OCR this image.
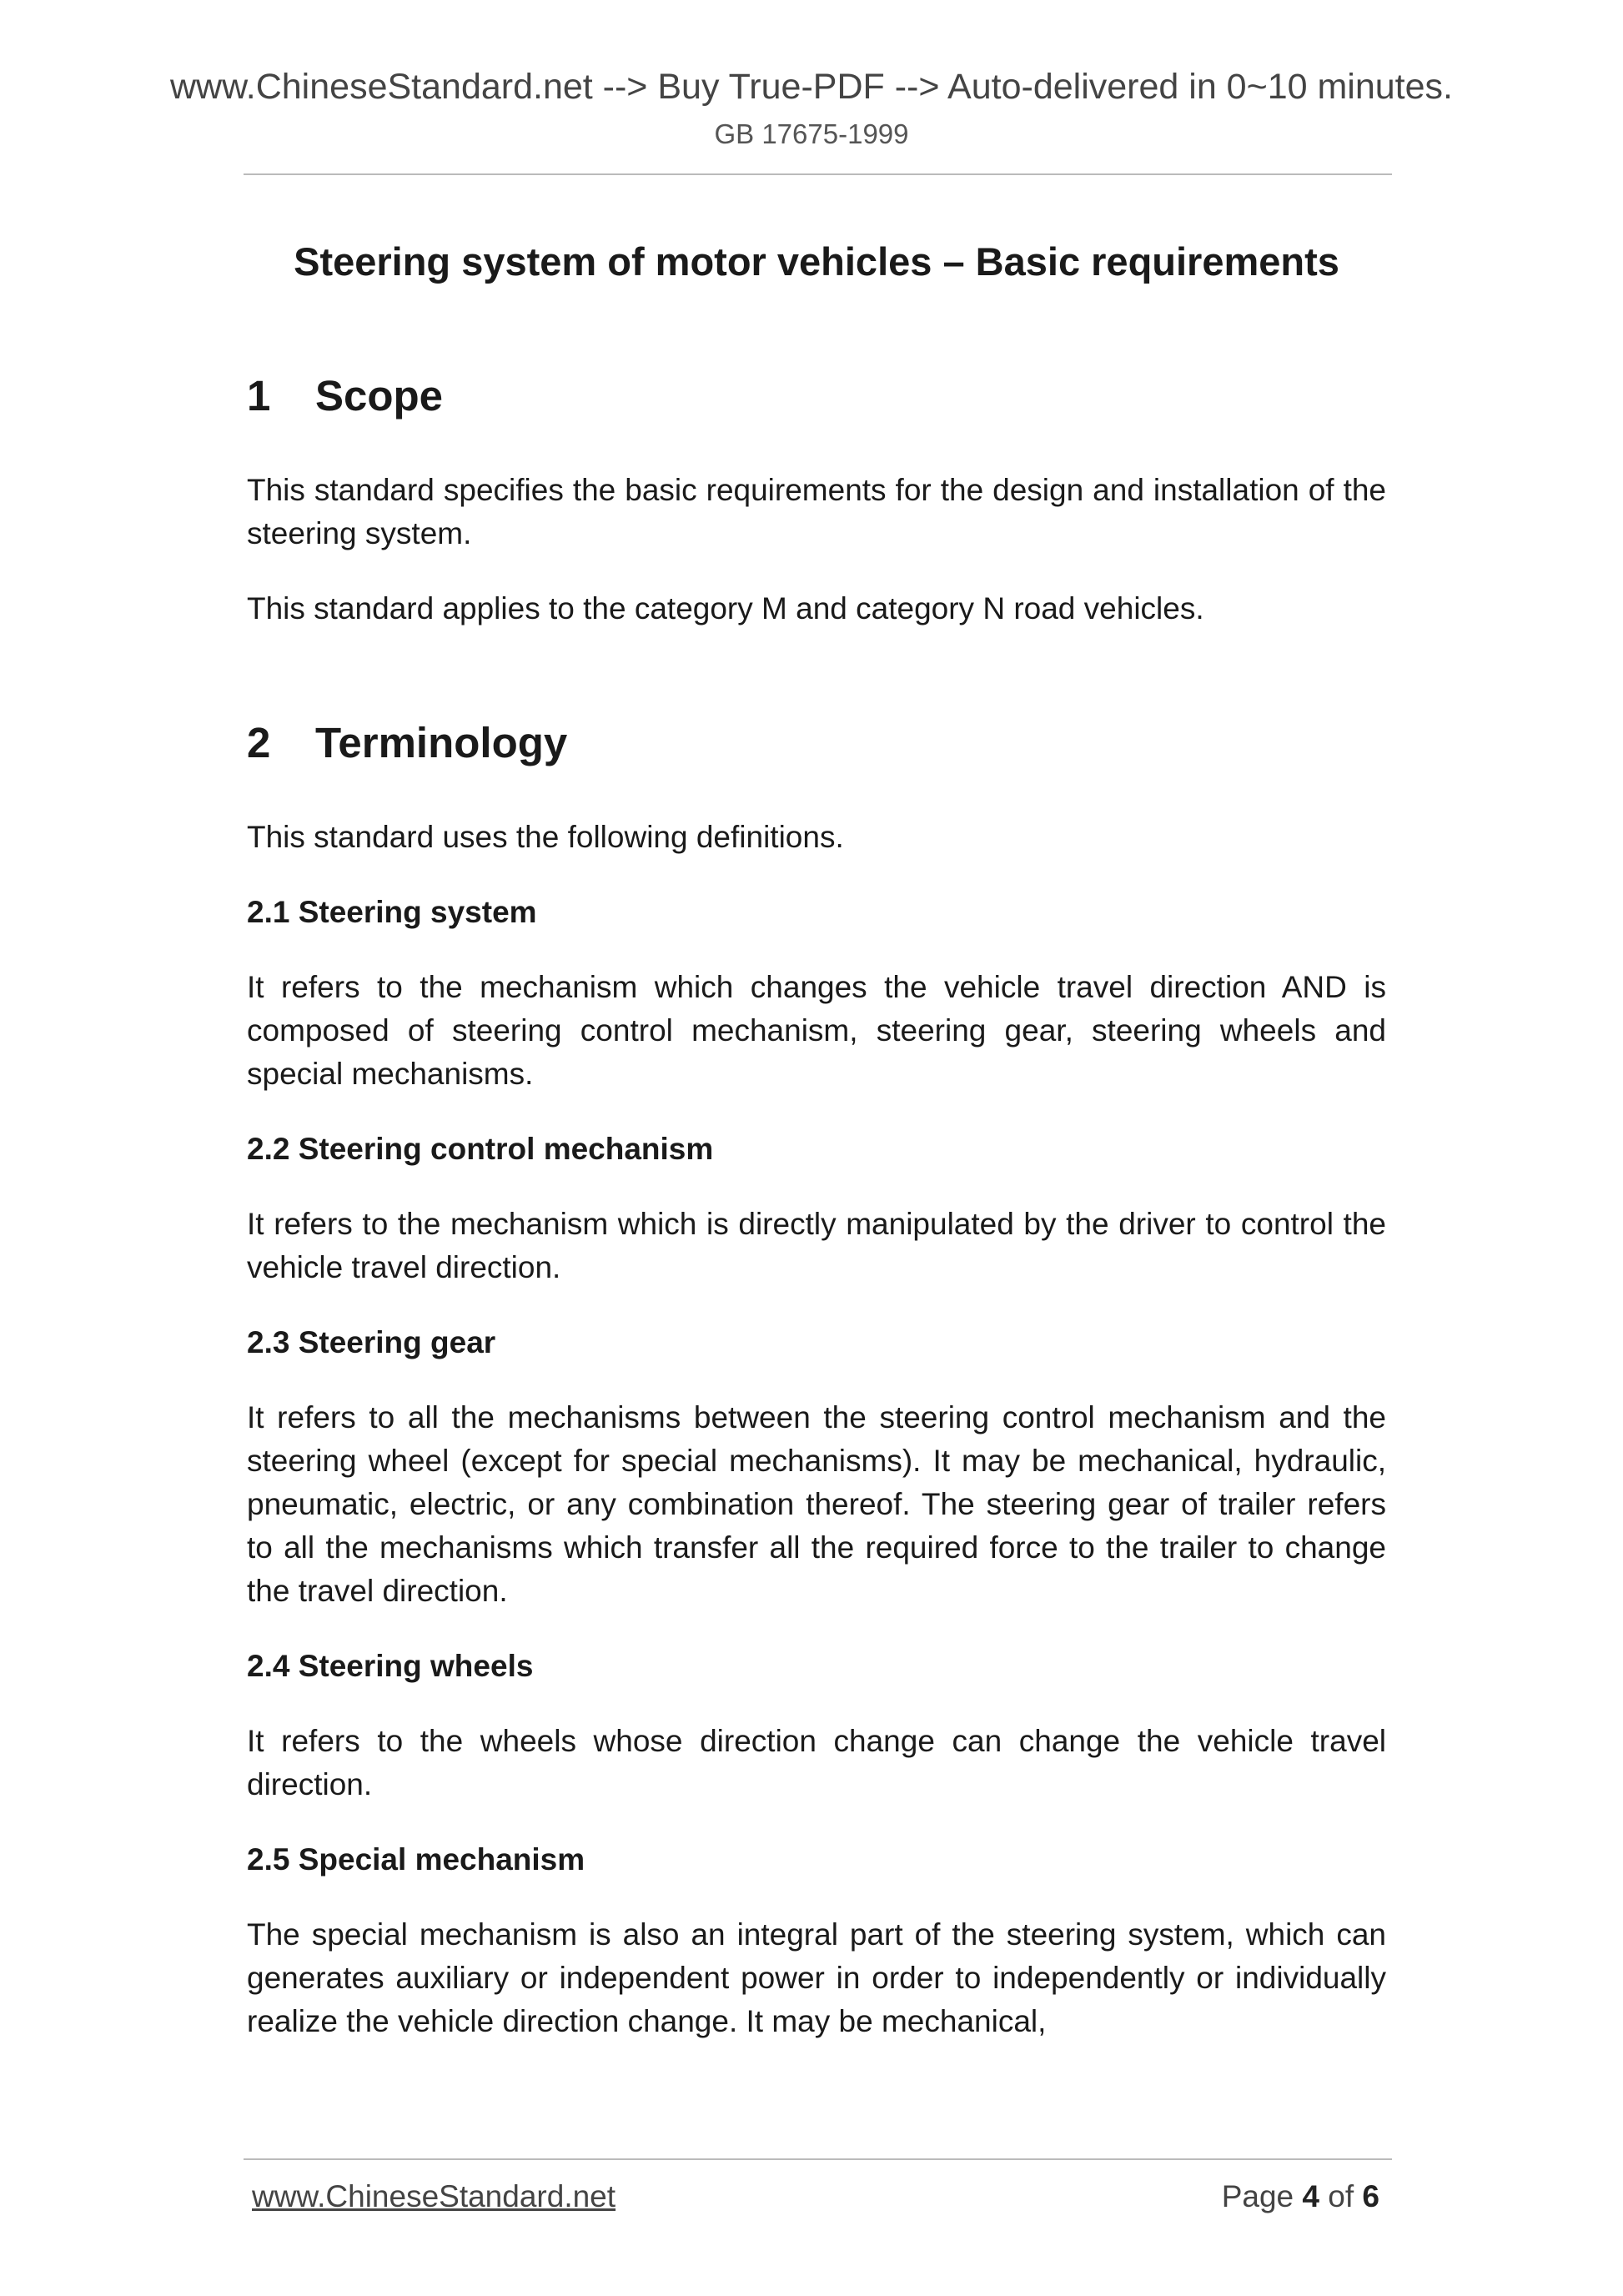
www.ChineseStandard.net --> Buy True-PDF --> Auto-delivered in 0~10 minutes.
GB 17675-1999
Steering system of motor vehicles – Basic requirements
1 Scope

This standard specifies the basic requirements for the design and installation of the steering system.

This standard applies to the category M and category N road vehicles.

2 Terminology

This standard uses the following definitions.

2.1 Steering system

It refers to the mechanism which changes the vehicle travel direction AND is composed of steering control mechanism, steering gear, steering wheels and special mechanisms.

2.2 Steering control mechanism

It refers to the mechanism which is directly manipulated by the driver to control the vehicle travel direction.

2.3 Steering gear

It refers to all the mechanisms between the steering control mechanism and the steering wheel (except for special mechanisms). It may be mechanical, hydraulic, pneumatic, electric, or any combination thereof. The steering gear of trailer refers to all the mechanisms which transfer all the required force to the trailer to change the travel direction.

2.4 Steering wheels

It refers to the wheels whose direction change can change the vehicle travel direction.

2.5 Special mechanism

The special mechanism is also an integral part of the steering system, which can generates auxiliary or independent power in order to independently or individually realize the vehicle direction change. It may be mechanical,

www.ChineseStandard.net	Page 4 of 6
